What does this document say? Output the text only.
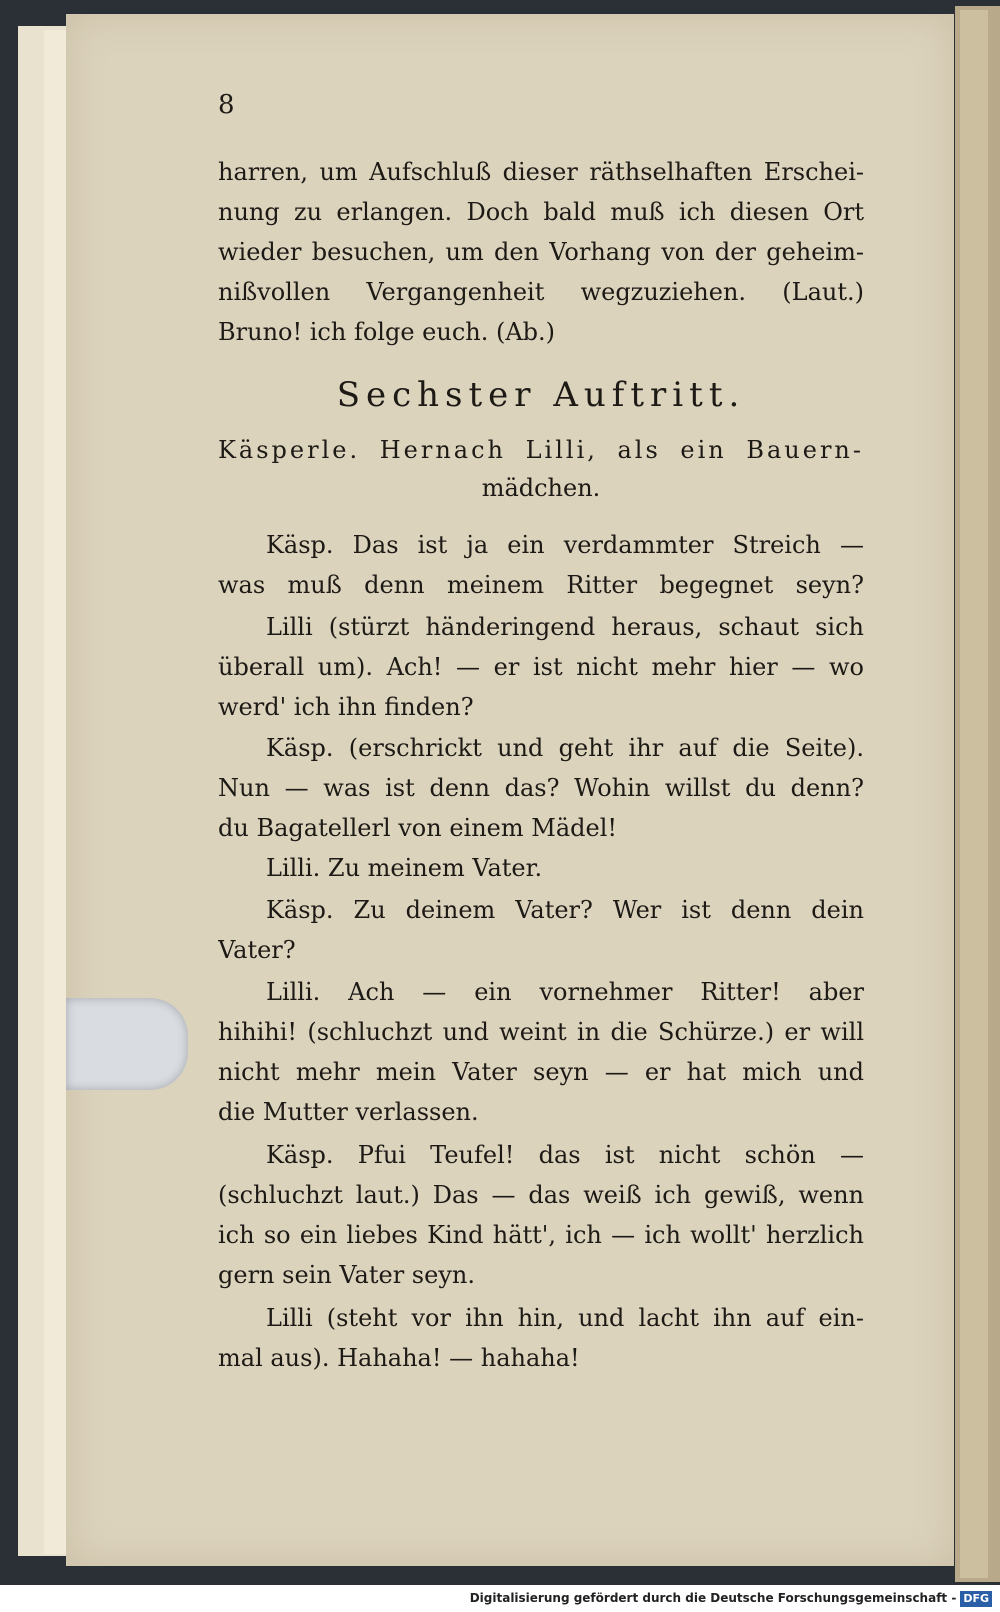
8
harren, um Aufschluß dieser räthselhaften Erschei-
nung zu erlangen. Doch bald muß ich diesen Ort
wieder besuchen, um den Vorhang von der geheim-
nißvollen Vergangenheit wegzuziehen. (Laut.)
Bruno! ich folge euch. (Ab.)
Sechster Auftritt.
Käsperle. Hernach Lilli, als ein Bauern-
mädchen.
Käsp. Das ist ja ein verdammter Streich —
was muß denn meinem Ritter begegnet seyn?
Lilli (stürzt händeringend heraus, schaut sich
überall um). Ach! — er ist nicht mehr hier — wo
werd' ich ihn finden?
Käsp. (erschrickt und geht ihr auf die Seite).
Nun — was ist denn das? Wohin willst du denn?
du Bagatellerl von einem Mädel!
Lilli. Zu meinem Vater.
Käsp. Zu deinem Vater? Wer ist denn dein
Vater?
Lilli. Ach — ein vornehmer Ritter! aber
hihihi! (schluchzt und weint in die Schürze.) er will
nicht mehr mein Vater seyn — er hat mich und
die Mutter verlassen.
Käsp. Pfui Teufel! das ist nicht schön —
(schluchzt laut.) Das — das weiß ich gewiß, wenn
ich so ein liebes Kind hätt', ich — ich wollt' herzlich
gern sein Vater seyn.
Lilli (steht vor ihn hin, und lacht ihn auf ein-
mal aus). Hahaha! — hahaha!
Digitalisierung gefördert durch die Deutsche Forschungsgemeinschaft - DFG
